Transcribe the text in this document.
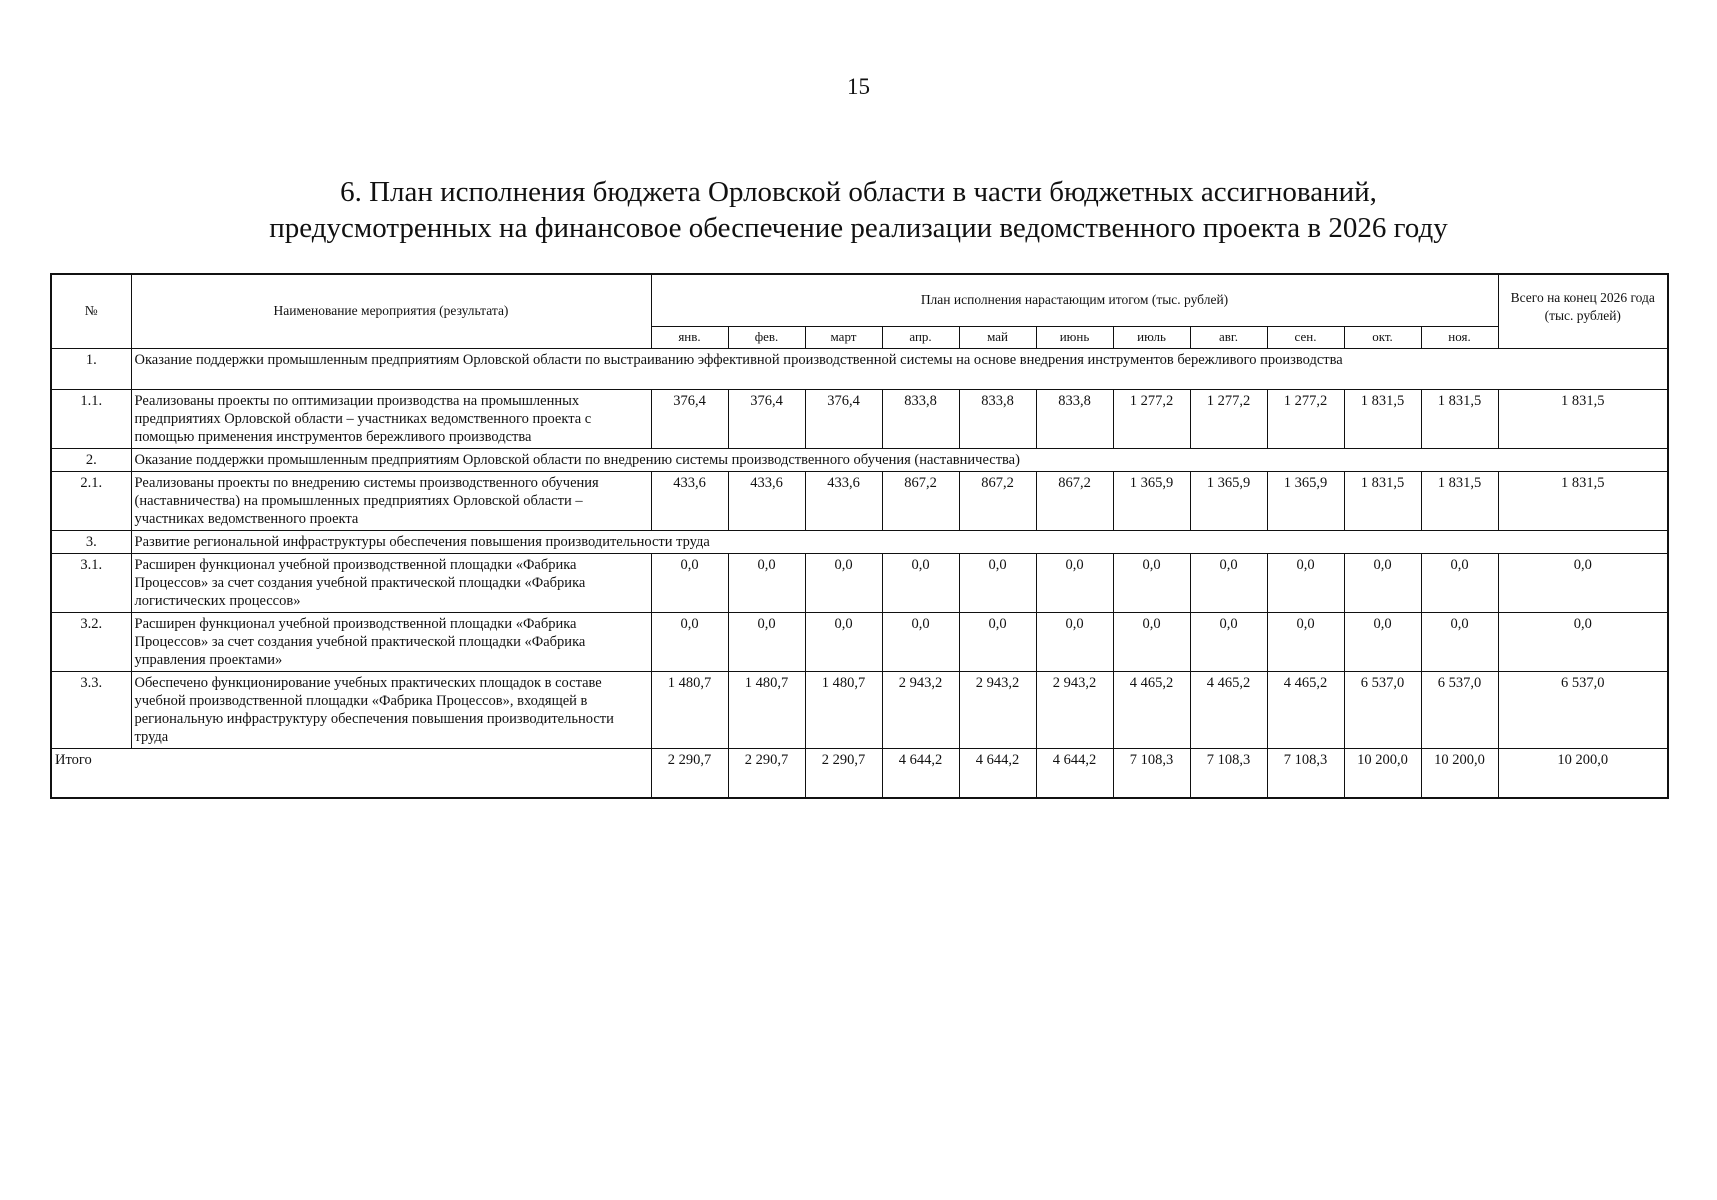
15
6. План исполнения бюджета Орловской области в части бюджетных ассигнований,
предусмотренных на финансовое обеспечение реализации ведомственного проекта в 2026 году
№	Наименование мероприятия (результата)	План исполнения нарастающим итогом (тыс. рублей)											Всего на конец 2026 года (тыс. рублей)
		янв.	фев.	март	апр.	май	июнь	июль	авг.	сен.	окт.	ноя.	
1.	Оказание поддержки промышленным предприятиям Орловской области по выстраиванию эффективной производственной системы на основе внедрения инструментов бережливого производства												
1.1.	Реализованы проекты по оптимизации производства на промышленных предприятиях Орловской области – участниках ведомственного проекта с помощью применения инструментов бережливого производства	376,4	376,4	376,4	833,8	833,8	833,8	1 277,2	1 277,2	1 277,2	1 831,5	1 831,5	1 831,5
2.	Оказание поддержки промышленным предприятиям Орловской области по внедрению системы производственного обучения (наставничества)												
2.1.	Реализованы проекты по внедрению системы производственного обучения (наставничества) на промышленных предприятиях Орловской области – участниках ведомственного проекта	433,6	433,6	433,6	867,2	867,2	867,2	1 365,9	1 365,9	1 365,9	1 831,5	1 831,5	1 831,5
3.	Развитие региональной инфраструктуры обеспечения повышения производительности труда												
3.1.	Расширен функционал учебной производственной площадки «Фабрика Процессов» за счет создания учебной практической площадки «Фабрика логистических процессов»	0,0	0,0	0,0	0,0	0,0	0,0	0,0	0,0	0,0	0,0	0,0	0,0
3.2.	Расширен функционал учебной производственной площадки «Фабрика Процессов» за счет создания учебной практической площадки «Фабрика управления проектами»	0,0	0,0	0,0	0,0	0,0	0,0	0,0	0,0	0,0	0,0	0,0	0,0
3.3.	Обеспечено функционирование учебных практических площадок в составе учебной производственной площадки «Фабрика Процессов», входящей в региональную инфраструктуру обеспечения повышения производительности труда	1 480,7	1 480,7	1 480,7	2 943,2	2 943,2	2 943,2	4 465,2	4 465,2	4 465,2	6 537,0	6 537,0	6 537,0
Итого		2 290,7	2 290,7	2 290,7	4 644,2	4 644,2	4 644,2	7 108,3	7 108,3	7 108,3	10 200,0	10 200,0	10 200,0
